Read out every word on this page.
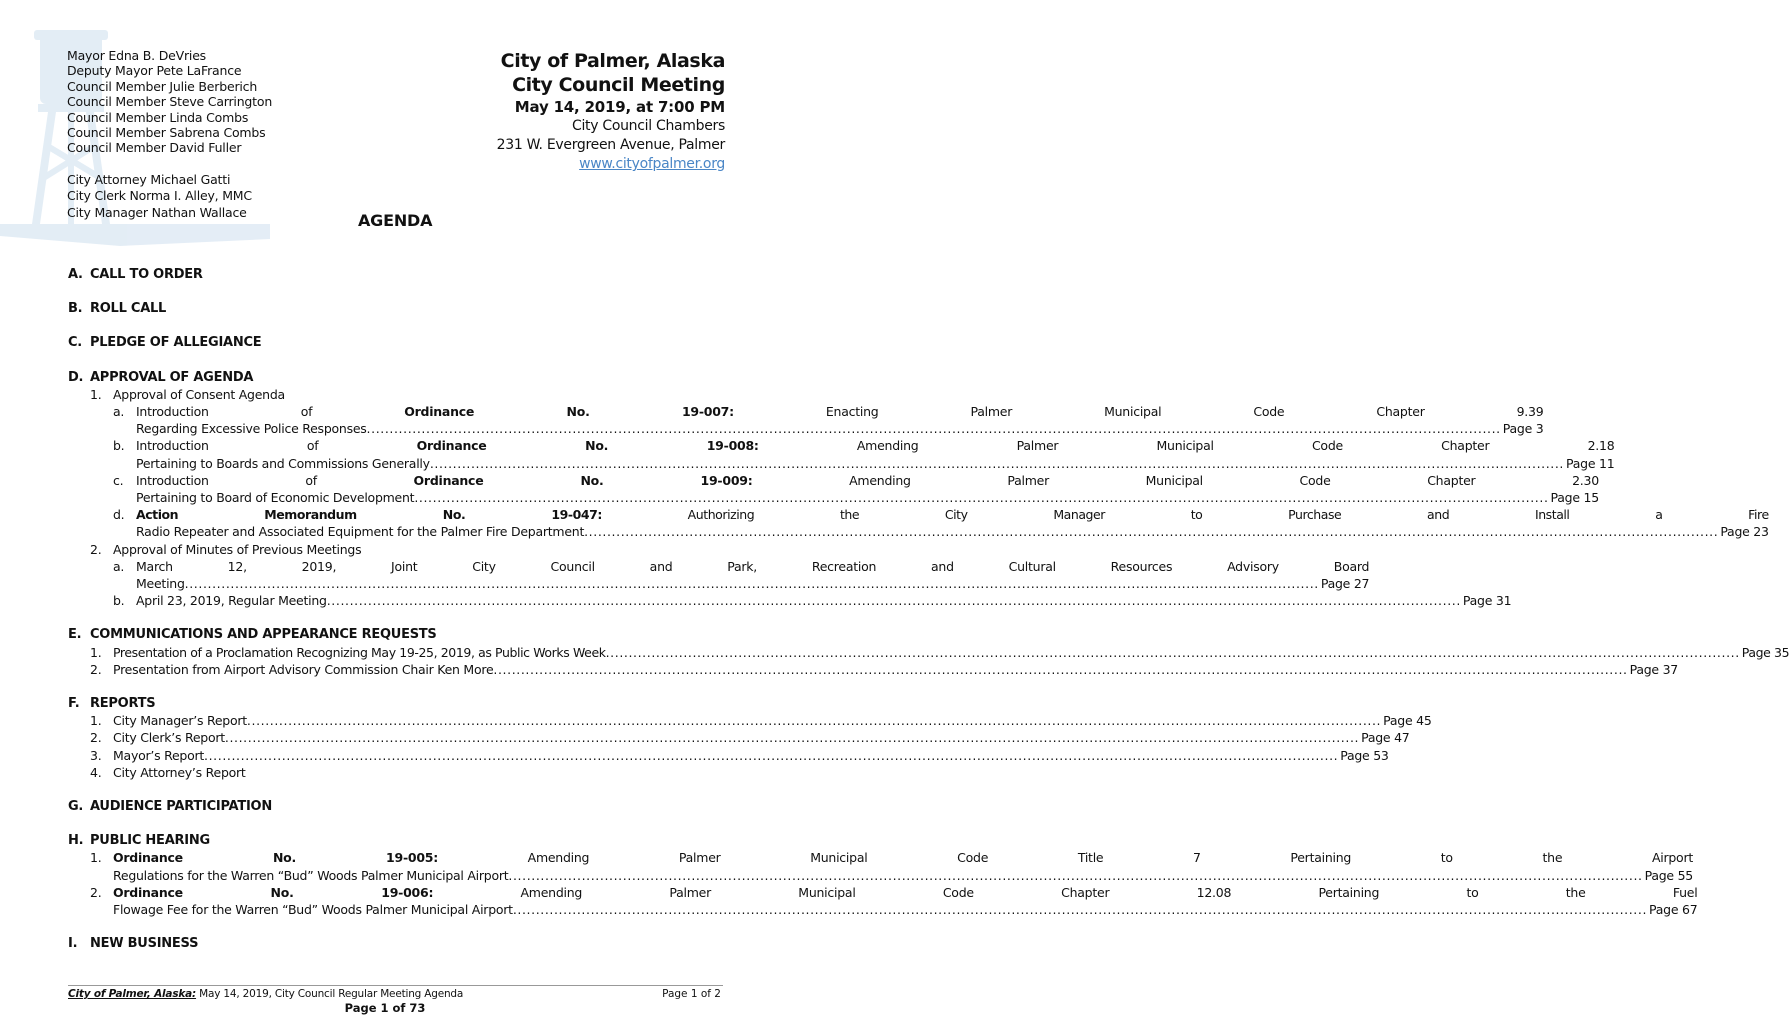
Mayor Edna B. DeVries
Deputy Mayor Pete LaFrance
Council Member Julie Berberich
Council Member Steve Carrington
Council Member Linda Combs
Council Member Sabrena Combs
Council Member David Fuller
City Attorney Michael Gatti
City Clerk Norma I. Alley, MMC
City Manager Nathan Wallace
City of Palmer, Alaska
City Council Meeting
May 14, 2019, at 7:00 PM
City Council Chambers
231 W. Evergreen Avenue, Palmer
www.cityofpalmer.org
AGENDA
A. CALL TO ORDER
B. ROLL CALL
C. PLEDGE OF ALLEGIANCE
D. APPROVAL OF AGENDA
1. Approval of Consent Agenda
a. Introduction of Ordinance No. 19-007: Enacting Palmer Municipal Code Chapter 9.39
Regarding Excessive Police Responses .....	Page 3
b. Introduction of Ordinance No. 19-008: Amending Palmer Municipal Code Chapter 2.18
Pertaining to Boards and Commissions Generally .....	Page 11
c.	Introduction of Ordinance No. 19-009: Amending Palmer Municipal Code Chapter 2.30
Pertaining to Board of Economic Development .....	Page 15
d. Action Memorandum No. 19-047: Authorizing the City Manager to Purchase and Install a Fire
Radio Repeater and Associated Equipment for the Palmer Fire Department .....	Page 23
2. Approval of Minutes of Previous Meetings
a. March 12, 2019, Joint City Council and Park, Recreation and Cultural Resources Advisory Board
Meeting .....	Page 27
b. April 23, 2019, Regular Meeting .....	Page 31
E. COMMUNICATIONS AND APPEARANCE REQUESTS
1. Presentation of a Proclamation Recognizing May 19-25, 2019, as Public Works Week .....	Page 35
2. Presentation from Airport Advisory Commission Chair Ken More .....	Page 37
F. REPORTS
1. City Manager’s Report .....	Page 45
2. City Clerk’s Report .....	Page 47
3. Mayor’s Report .....	Page 53
4. City Attorney’s Report
G. AUDIENCE PARTICIPATION
H. PUBLIC HEARING
1. Ordinance No. 19-005: Amending Palmer Municipal Code Title 7 Pertaining to the Airport
Regulations for the Warren “Bud” Woods Palmer Municipal Airport .....	Page 55
2. Ordinance No. 19-006: Amending Palmer Municipal Code Chapter 12.08 Pertaining to the Fuel
Flowage Fee for the Warren “Bud” Woods Palmer Municipal Airport .....	Page 67
I. NEW BUSINESS
City of Palmer, Alaska: May 14, 2019, City Council Regular Meeting Agenda	Page 1 of 2
Page 1 of 73
